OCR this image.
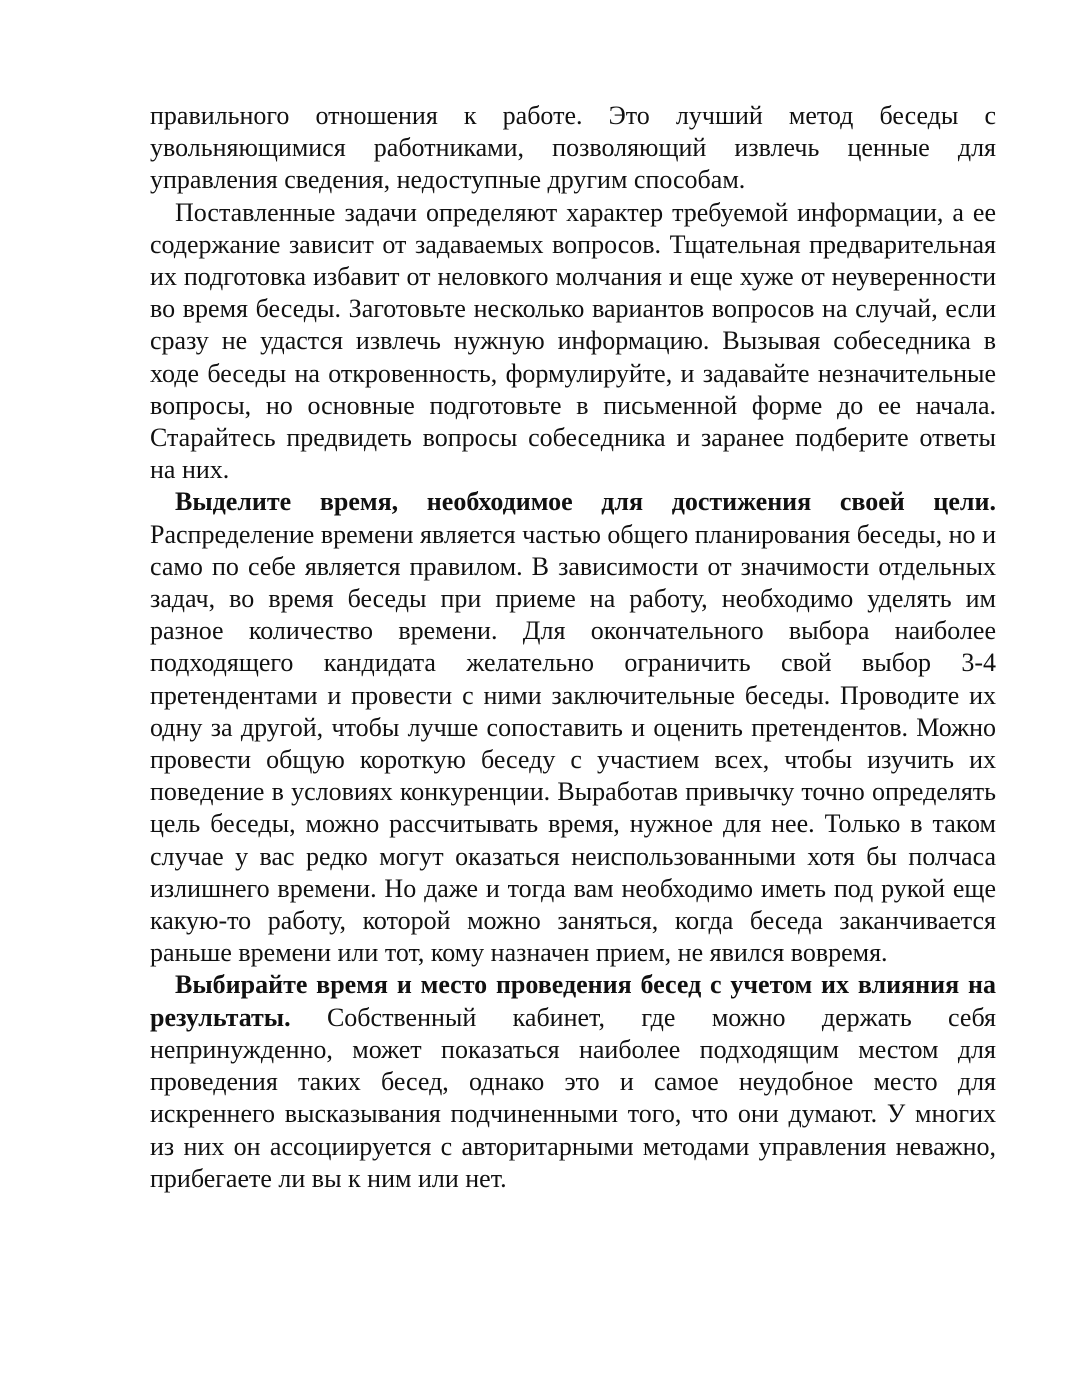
правильного отношения к работе. Это лучший метод беседы с увольняющимися работниками, позволяющий извлечь ценные для управления сведения, недоступные другим способам.

Поставленные задачи определяют характер требуемой информации, а ее содержание зависит от задаваемых вопросов. Тщательная предварительная их подготовка избавит от неловкого молчания и еще хуже от неуверенности во время беседы. Заготовьте несколько вариантов вопросов на случай, если сразу не удастся извлечь нужную информацию. Вызывая собеседника в ходе беседы на откровенность, формулируйте, и задавайте незначительные вопросы, но основные подготовьте в письменной форме до ее начала. Старайтесь предвидеть вопросы собеседника и заранее подберите ответы на них.

Выделите время, необходимое для достижения своей цели. Распределение времени является частью общего планирования беседы, но и само по себе является правилом. В зависимости от значимости отдельных задач, во время беседы при приеме на работу, необходимо уделять им разное количество времени. Для окончательного выбора наиболее подходящего кандидата желательно ограничить свой выбор 3-4 претендентами и провести с ними заключительные беседы. Проводите их одну за другой, чтобы лучше сопоставить и оценить претендентов. Можно провести общую короткую беседу с участием всех, чтобы изучить их поведение в условиях конкуренции. Выработав привычку точно определять цель беседы, можно рассчитывать время, нужное для нее. Только в таком случае у вас редко могут оказаться неиспользованными хотя бы полчаса излишнего времени. Но даже и тогда вам необходимо иметь под рукой еще какую-то работу, которой можно заняться, когда беседа заканчивается раньше времени или тот, кому назначен прием, не явился вовремя.

Выбирайте время и место проведения бесед с учетом их влияния на результаты. Собственный кабинет, где можно держать себя непринужденно, может показаться наиболее подходящим местом для проведения таких бесед, однако это и самое неудобное место для искреннего высказывания подчиненными того, что они думают. У многих из них он ассоциируется с авторитарными методами управления неважно, прибегаете ли вы к ним или нет.
